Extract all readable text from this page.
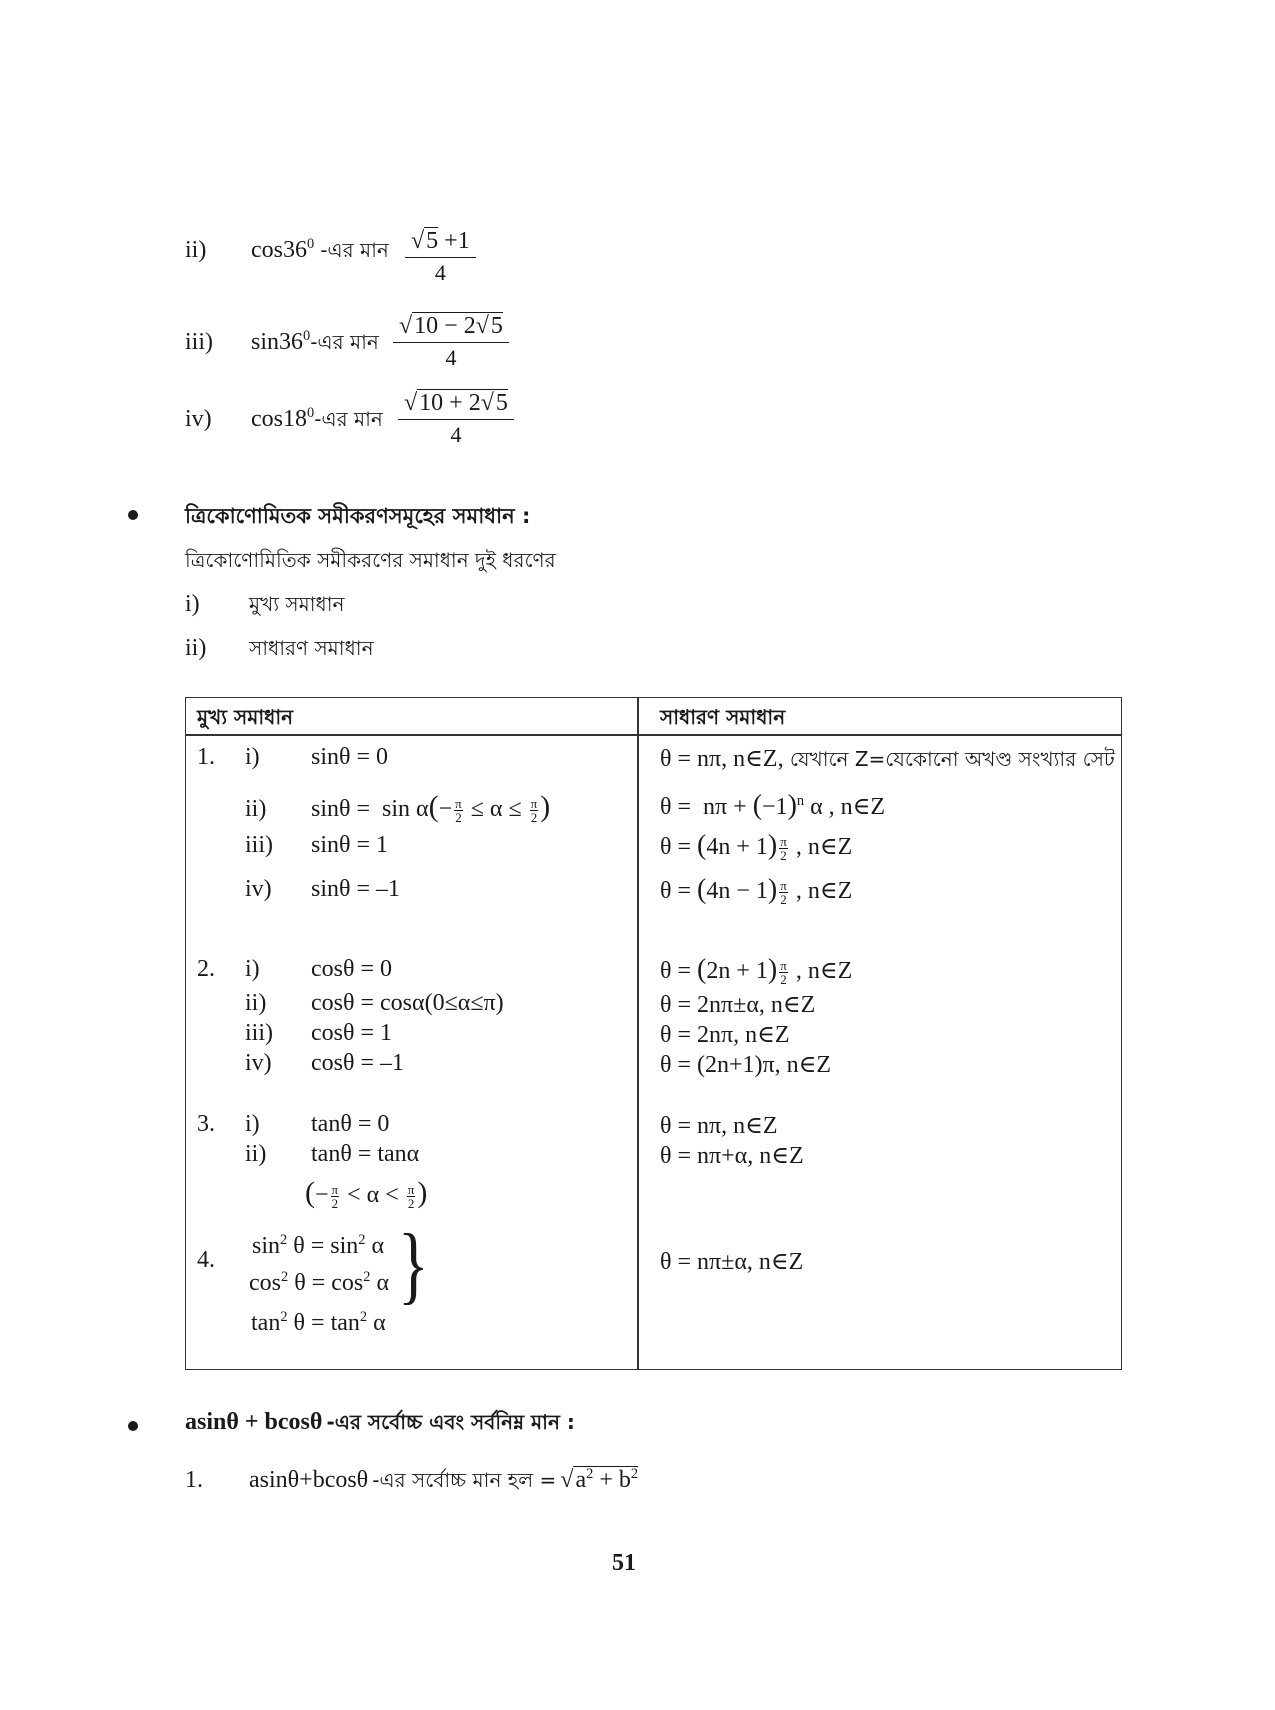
ii) $\cos 36^0$ -এর মান $\frac{√5 +1}{4}$
iii) $\sin 36^0-এর$ মান $\frac{√10 - 2√5}{4}$
iv) $\cos 18^0-এর$ মান $\frac{√10 + 2√5}{4}$
ত্রিকোণোমিতক সমীকরণসমূহের সমাধান :
ত্রিকোণোমিতিক সমীকরণের সমাধান দুই ধরণের
i) মুখ্য সমাধান
ii) সাধারণ সমাধান
মুখ্য সমাধান	সাধারণ সমাধান
1. i) sinθ = 0	θ = nπ, n∈Z, যেখানে Z=যেকোনো অখণ্ড সংখ্যার সেট
ii) $\sin\theta = \sin \alpha(- \frac{\pi}{2} \le \alpha \le \frac{\pi}{2}$ )	$\theta = n\pi + (-1)^n$ α , n∈Z
iii) sinθ = 1	$\theta = (4n + 1) \frac{\pi}{2}$ , n∈Z
iv) sinθ = –1	$\theta = (4n - 1) \frac{\pi}{2}$ , n∈Z
2. i) cosθ = 0	$\theta = (2n + 1) \frac{\pi}{2}$ , n∈Z
ii) cosθ = cosα(0≤α≤π)	θ = 2nπ±α, n∈Z
iii) cosθ = 1	θ = 2nπ, n∈Z
iv) cosθ = –1	θ = (2n+1)π, n∈Z
3. i) tanθ = 0	θ = nπ, n∈Z
ii) tanθ = tanα	θ = nπ+α, n∈Z
(− $\frac{\pi}{2} < \alpha < \frac{\pi}{2}$ )
4.
$\sin^2 \theta = \sin^2 \alpha$
$\cos^2 \theta = \cos^2 \alpha$
$\tan^2 \theta = \tan^2 \alpha$
}	θ = nπ±α, n∈Z
asinθ + bcosθ -এর সর্বোচ্চ এবং সর্বনিম্ন মান :
1. asinθ+bcosθ -এর সর্বোচ্চ মান হল = $√a^2 + b^2$
51
